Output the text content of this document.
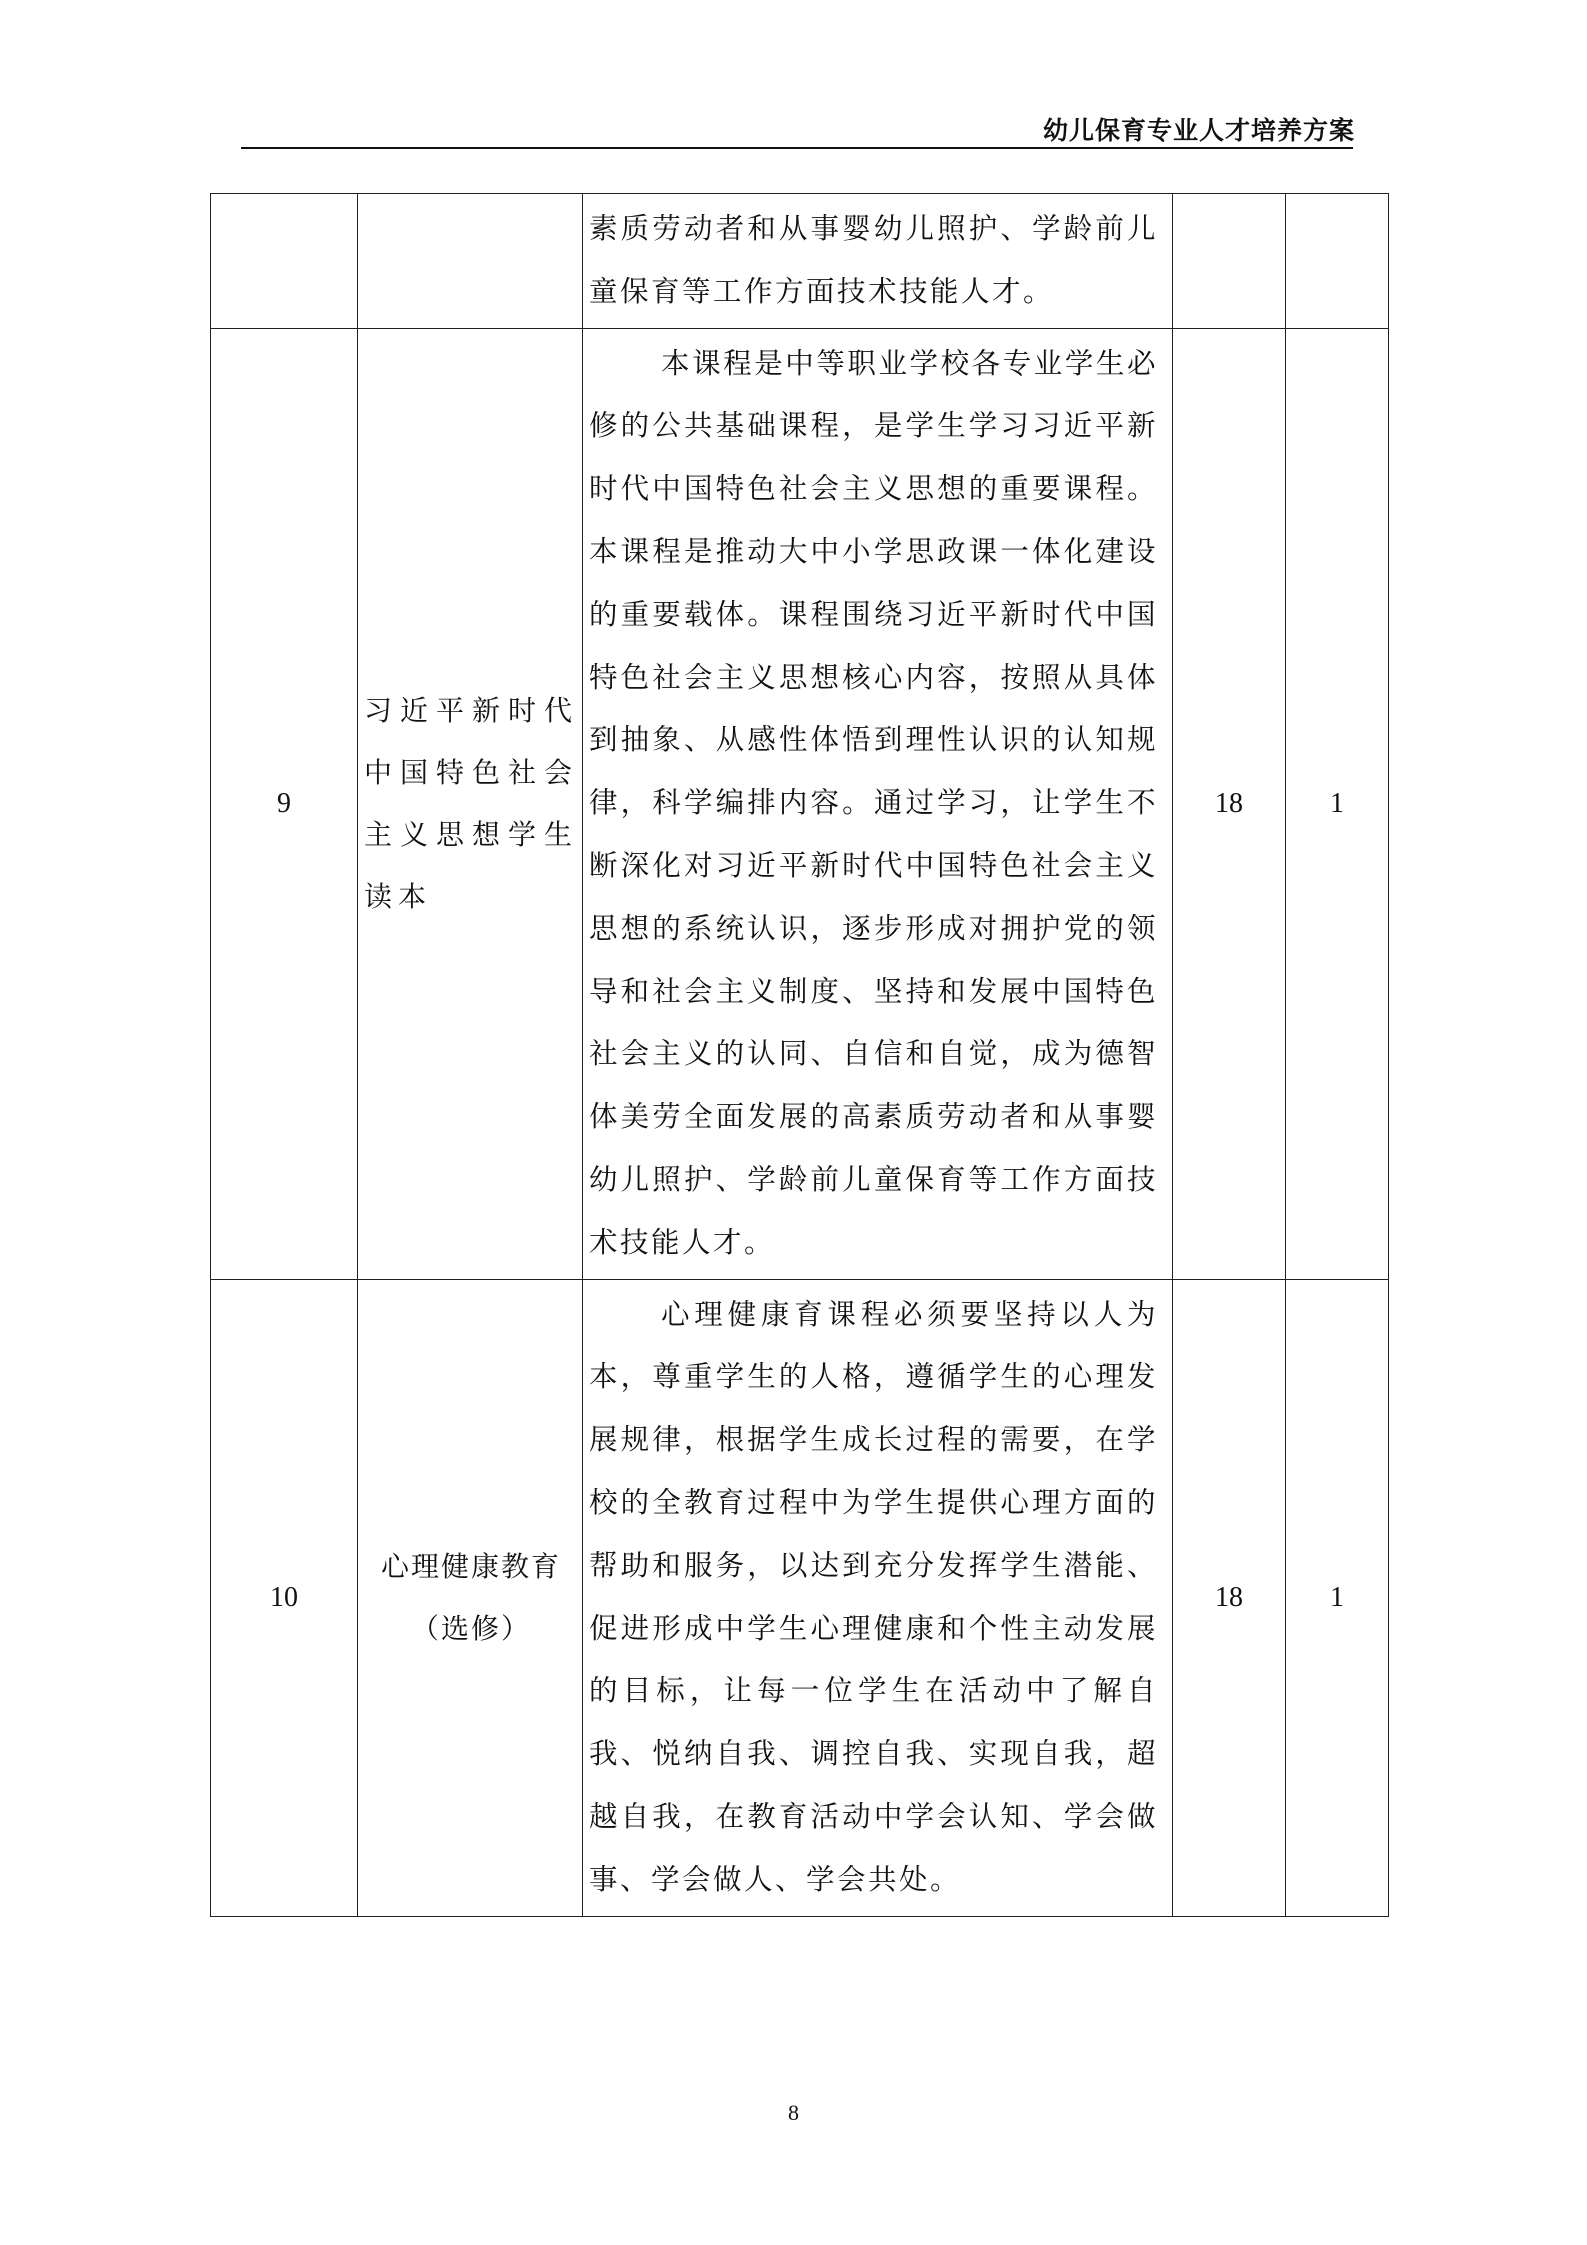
幼儿保育专业人才培养方案

		素质劳动者和从事婴幼儿照护、学龄前儿童保育等工作方面技术技能人才。		

9	习近平新时代中国特色社会主义思想学生读本	本课程是中等职业学校各专业学生必修的公共基础课程，是学生学习习近平新时代中国特色社会主义思想的重要课程。本课程是推动大中小学思政课一体化建设的重要载体。课程围绕习近平新时代中国特色社会主义思想核心内容，按照从具体到抽象、从感性体悟到理性认识的认知规律，科学编排内容。通过学习，让学生不断深化对习近平新时代中国特色社会主义思想的系统认识，逐步形成对拥护党的领导和社会主义制度、坚持和发展中国特色社会主义的认同、自信和自觉，成为德智体美劳全面发展的高素质劳动者和从事婴幼儿照护、学龄前儿童保育等工作方面技术技能人才。	18	1
10	心理健康教育（选修）	心理健康育课程必须要坚持以人为本，尊重学生的人格，遵循学生的心理发展规律，根据学生成长过程的需要，在学校的全教育过程中为学生提供心理方面的帮助和服务，以达到充分发挥学生潜能、促进形成中学生心理健康和个性主动发展的目标，让每一位学生在活动中了解自我、悦纳自我、调控自我、实现自我，超越自我，在教育活动中学会认知、学会做事、学会做人、学会共处。	18	1
8
